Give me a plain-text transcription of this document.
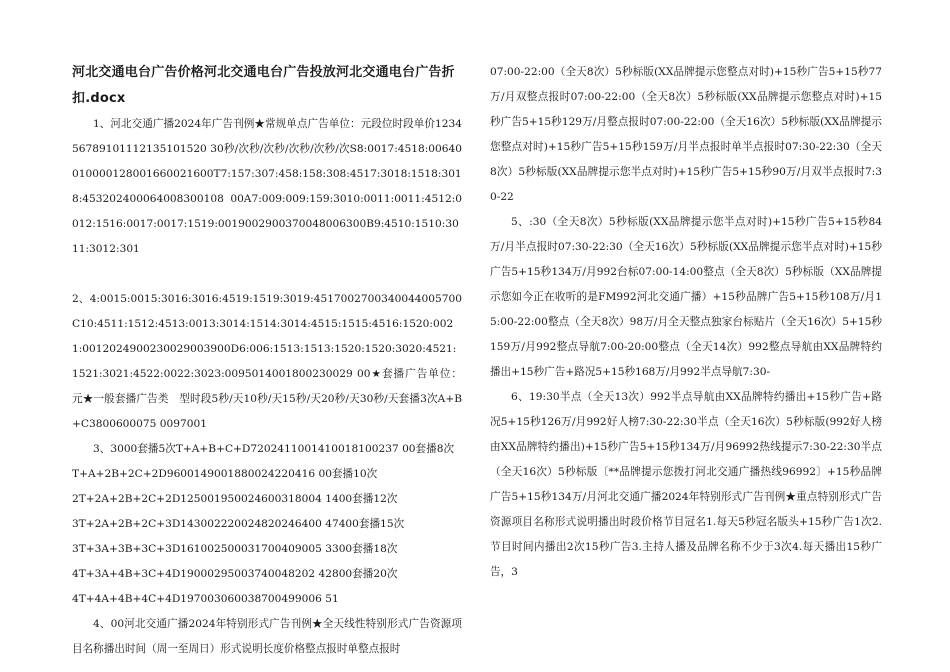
河北交通电台广告价格河北交通电台广告投放河北交通电台广告折扣.docx

1、河北交通广播2024年广告刊例★常规单点广告单位：元段位时段单价123456789101112135101520 30秒/次秒/次秒/次秒/次秒/次S8:0017:4518:00640010000128001660021600T7:157:307:458:158:308:4517:3018:1518:3018:453202400064008300108 00A7:009:009:159:3010:0011:0011:4512:0012:1516:0017:0017:1519:0019002900370048006300B9:4510:1510:3011:3012:301

2、4:0015:0015:3016:3016:4519:1519:3019:4517002700340044005700C10:4511:1512:4513:0013:3014:1514:3014:4515:1515:4516:1520:0021:0012024900230029003900D6:006:1513:1513:1520:1520:3020:4521:1521:3021:4522:0022:3023:0095014001800230029 00★套播广告单位：元★一般套播广告类　型时段5秒/天10秒/天15秒/天20秒/天30秒/天套播3次A+B+C3800600075 0097001

3、3000套播5次T+A+B+C+D7202411001410018100237 00套播8次

T+A+2B+2C+2D9600149001880024220416 00套播10次

2T+2A+2B+2C+2D125001950024600318004 1400套播12次

3T+2A+2B+2C+3D143002220024820246400 47400套播15次

3T+3A+3B+3C+3D161002500031700409005 3300套播18次

4T+3A+4B+3C+4D19000295003740048202 42800套播20次

4T+4A+4B+4C+4D197003060038700499006 51

4、00河北交通广播2024年特别形式广告刊例★全天线性特别形式广告资源项目名称播出时间（周一至周日）形式说明长度价格整点报时单整点报时

07:00-22:00（全天8次）5秒标版(XX品牌提示您整点对时)+15秒广告5+15秒77万/月双整点报时07:00-22:00（全天8次）5秒标版(XX品牌提示您整点对时)+15秒广告5+15秒129万/月整点报时07:00-22:00（全天16次）5秒标版(XX品牌提示您整点对时)+15秒广告5+15秒159万/月半点报时单半点报时07:30-22:30（全天8次）5秒标版(XX品牌提示您半点对时)+15秒广告5+15秒90万/月双半点报时7:30-22

5、:30（全天8次）5秒标版(XX品牌提示您半点对时)+15秒广告5+15秒84万/月半点报时07:30-22:30（全天16次）5秒标版(XX品牌提示您半点对时)+15秒广告5+15秒134万/月992台标07:00-14:00整点（全天8次）5秒标版（XX品牌提示您如今正在收听的是FM992河北交通广播）+15秒品牌广告5+15秒108万/月15:00-22:00整点（全天8次）98万/月全天整点独家台标贴片（全天16次）5+15秒159万/月992整点导航7:00-20:00整点（全天14次）992整点导航由XX品牌特约播出+15秒广告+路况5+15秒168万/月992半点导航7:30-

6、19:30半点（全天13次）992半点导航由XX品牌特约播出+15秒广告+路况5+15秒126万/月992好人榜7:30-22:30半点（全天16次）5秒标版(992好人榜由XX品牌特约播出)+15秒广告5+15秒134万/月96992热线提示7:30-22:30半点（全天16次）5秒标版〔**品牌提示您拨打河北交通广播热线96992〕+15秒品牌广告5+15秒134万/月河北交通广播2024年特别形式广告刊例★重点特别形式广告资源项目名称形式说明播出时段价格节目冠名1.每天5秒冠名版头+15秒广告1次2.节目时间内播出2次15秒广告3.主持人播及品牌名称不少于3次4.每天播出15秒广告，3
